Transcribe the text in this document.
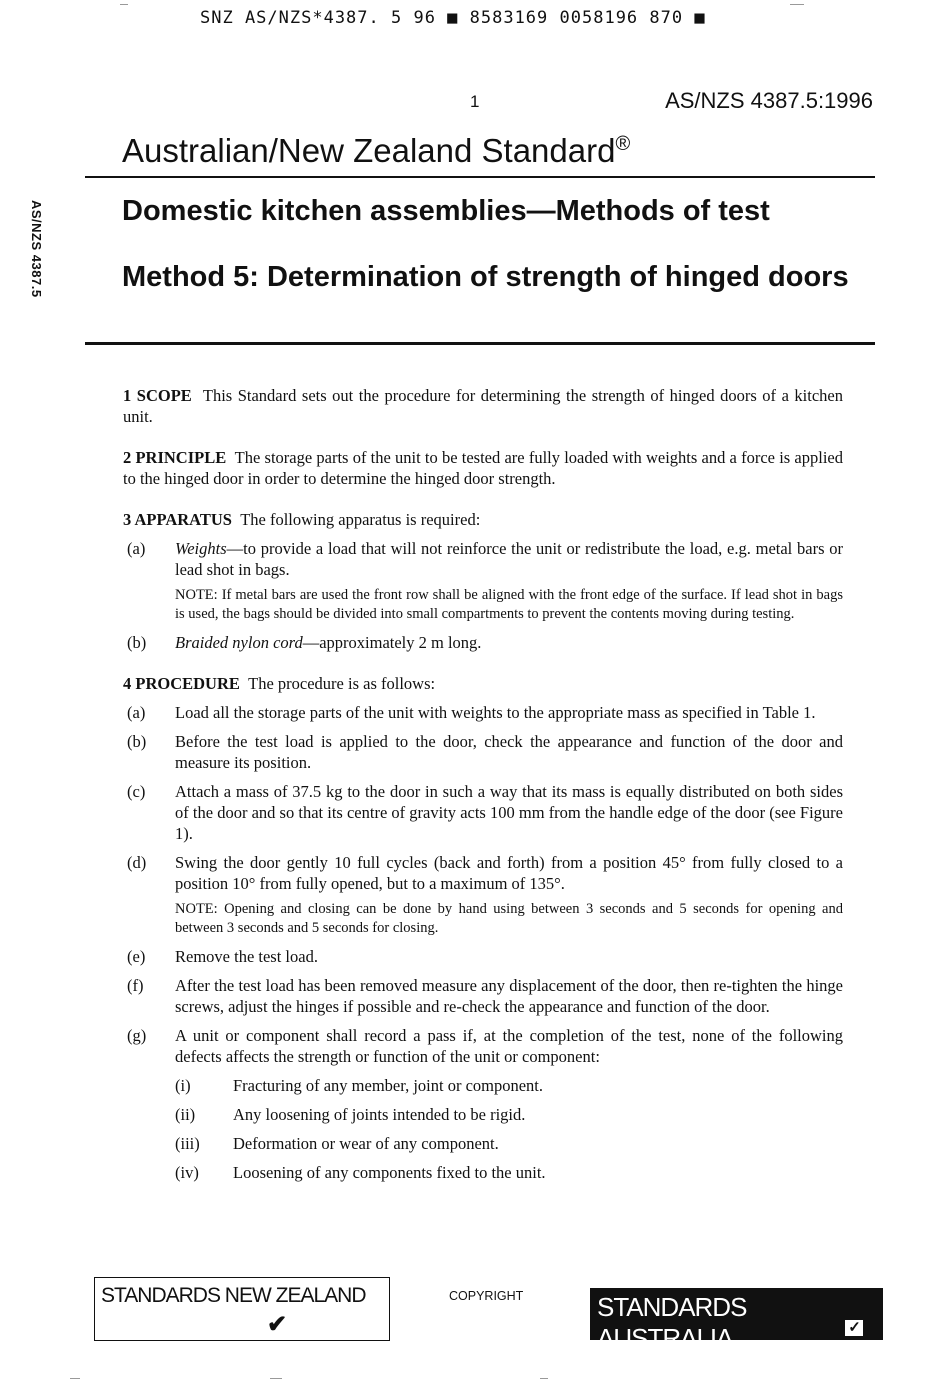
SNZ AS/NZS*4387. 5 96 ■ 8583169 0058196 870 ■
1	AS/NZS 4387.5:1996
Australian/New Zealand Standard®
AS/NZS 4387.5	Domestic kitchen assemblies—Methods of test
Method 5: Determination of strength of hinged doors

1 SCOPE This Standard sets out the procedure for determining the strength of hinged doors of a kitchen unit.

2 PRINCIPLE The storage parts of the unit to be tested are fully loaded with weights and a force is applied to the hinged door in order to determine the hinged door strength.

3 APPARATUS The following apparatus is required:

(a) Weights—to provide a load that will not reinforce the unit or redistribute the load, e.g. metal bars or lead shot in bags.
NOTE: If metal bars are used the front row shall be aligned with the front edge of the surface. If lead shot in bags is used, the bags should be divided into small compartments to prevent the contents moving during testing.
(b) Braided nylon cord—approximately 2 m long.

4 PROCEDURE The procedure is as follows:

(a) Load all the storage parts of the unit with weights to the appropriate mass as specified in Table 1.
(b) Before the test load is applied to the door, check the appearance and function of the door and measure its position.
(c) Attach a mass of 37.5 kg to the door in such a way that its mass is equally distributed on both sides of the door and so that its centre of gravity acts 100 mm from the handle edge of the door (see Figure 1).
(d) Swing the door gently 10 full cycles (back and forth) from a position 45° from fully closed to a position 10° from fully opened, but to a maximum of 135°.
NOTE: Opening and closing can be done by hand using between 3 seconds and 5 seconds for opening and between 3 seconds and 5 seconds for closing.
(e) Remove the test load.
(f) After the test load has been removed measure any displacement of the door, then re-tighten the hinge screws, adjust the hinges if possible and re-check the appearance and function of the door.
(g) A unit or component shall record a pass if, at the completion of the test, none of the following defects affects the strength or function of the unit or component:
(i)	Fracturing of any member, joint or component.
(ii) Any loosening of joints intended to be rigid.
(iii) Deformation or wear of any component.
(iv) Loosening of any components fixed to the unit.
STANDARDS NEW ZEALAND
✔
COPYRIGHT	STANDARDS AUSTRALIA	✓
